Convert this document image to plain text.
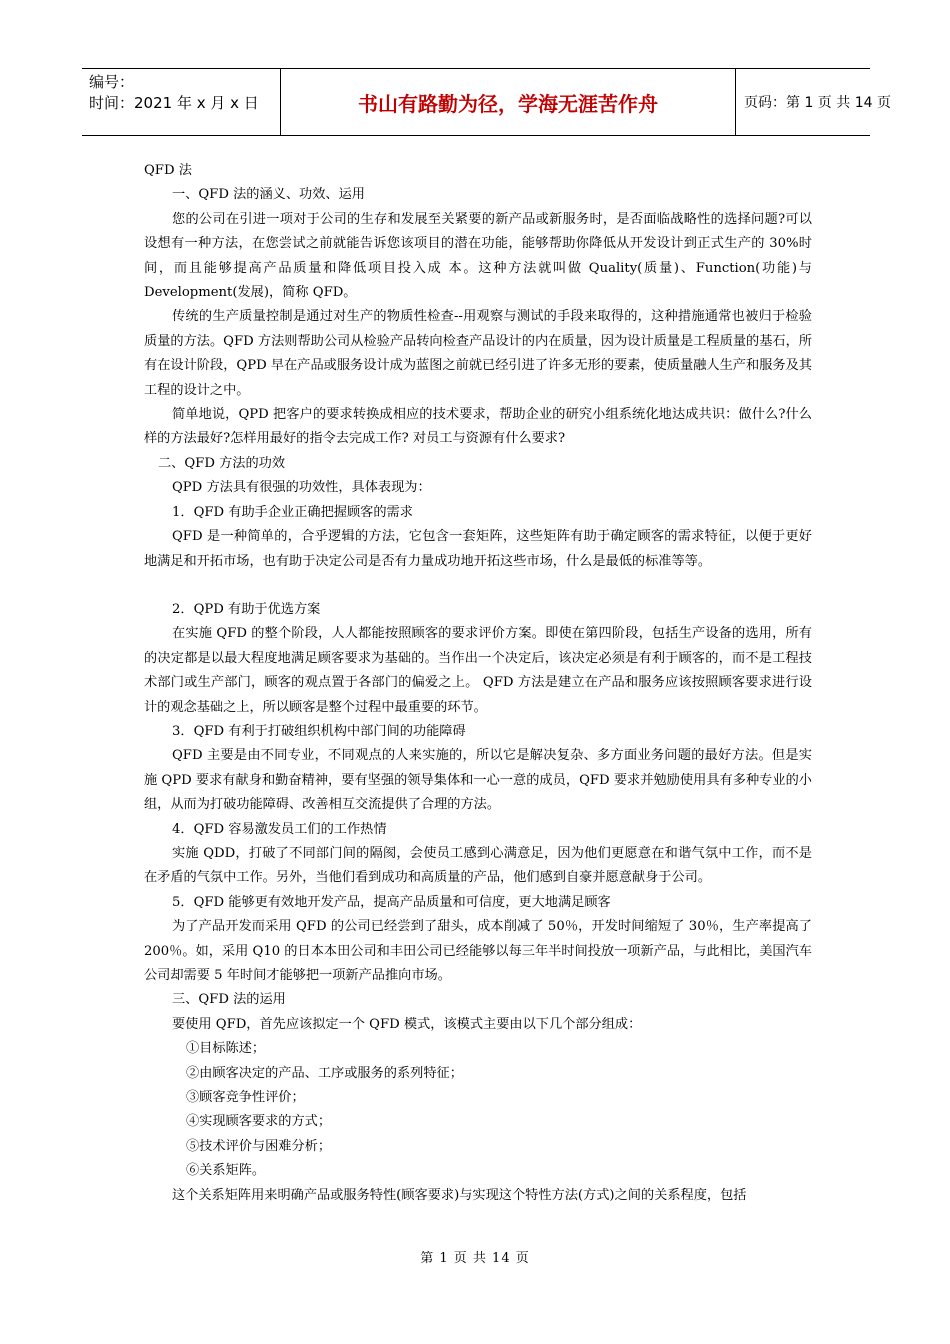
编号：
时间：2021 年 x 月 x 日	书山有路勤为径，学海无涯苦作舟	页码：第 1 页 共 14 页

QFD 法

一、QFD 法的涵义、功效、运用

您的公司在引进一项对于公司的生存和发展至关紧要的新产品或新服务时，是否面临战略性的选择问题?可以设想有一种方法，在您尝试之前就能告诉您该项目的潜在功能，能够帮助你降低从开发设计到正式生产的 30%时间，而且能够提高产品质量和降低项目投入成 本。这种方法就叫做 Quality(质量)、Function(功能)与 Development(发展)，简称 QFD。

传统的生产质量控制是通过对生产的物质性检查--用观察与测试的手段来取得的，这种措施通常也被归于检验质量的方法。QFD 方法则帮助公司从检验产品转向检查产品设计的内在质量，因为设计质量是工程质量的基石，所有在设计阶段，QPD 早在产品或服务设计成为蓝图之前就已经引进了许多无形的要素，使质量融人生产和服务及其工程的设计之中。

简单地说，QPD 把客户的要求转换成相应的技术要求，帮助企业的研究小组系统化地达成共识：做什么?什么样的方法最好?怎样用最好的指令去完成工作? 对员工与资源有什么要求?

二、QFD 方法的功效

QPD 方法具有很强的功效性，具体表现为：

1．QFD 有助手企业正确把握顾客的需求

QFD 是一种简单的，合乎逻辑的方法，它包含一套矩阵，这些矩阵有助于确定顾客的需求特征，以便于更好地满足和开拓市场，也有助于决定公司是否有力量成功地开拓这些市场，什么是最低的标准等等。

2．QPD 有助于优选方案

在实施 QFD 的整个阶段，人人都能按照顾客的要求评价方案。即使在第四阶段，包括生产设备的选用，所有的决定都是以最大程度地满足顾客要求为基础的。当作出一个决定后，该决定必须是有利于顾客的，而不是工程技术部门或生产部门，顾客的观点置于各部门的偏爱之上。 QFD 方法是建立在产品和服务应该按照顾客要求进行设计的观念基础之上，所以顾客是整个过程中最重要的环节。

3．QFD 有利于打破组织机构中部门间的功能障碍

QFD 主要是由不同专业，不同观点的人来实施的，所以它是解决复杂、多方面业务问题的最好方法。但是实施 QPD 要求有献身和勤奋精神，要有坚强的领导集体和一心一意的成员，QFD 要求并勉励使用具有多种专业的小组，从而为打破功能障碍、改善相互交流提供了合理的方法。

4．QFD 容易激发员工们的工作热情

实施 QDD，打破了不同部门间的隔阂，会使员工感到心满意足，因为他们更愿意在和谐气氛中工作，而不是在矛盾的气氛中工作。另外，当他们看到成功和高质量的产品，他们感到自豪并愿意献身于公司。

5．QFD 能够更有效地开发产品，提高产品质量和可信度，更大地满足顾客

为了产品开发而采用 QFD 的公司已经尝到了甜头，成本削减了 50％，开发时间缩短了 30％，生产率提高了 200％。如，采用 Q10 的日本本田公司和丰田公司已经能够以每三年半时间投放一项新产品，与此相比，美国汽车公司却需要 5 年时间才能够把一项新产品推向市场。

三、QFD 法的运用

要使用 QFD，首先应该拟定一个 QFD 模式，该模式主要由以下几个部分组成：

①目标陈述；

②由顾客决定的产品、工序或服务的系列特征；

③顾客竞争性评价；

④实现顾客要求的方式；

⑤技术评价与困难分析；

⑥关系矩阵。

这个关系矩阵用来明确产品或服务特性(顾客要求)与实现这个特性方法(方式)之间的关系程度，包括

第 1 页 共 14 页
